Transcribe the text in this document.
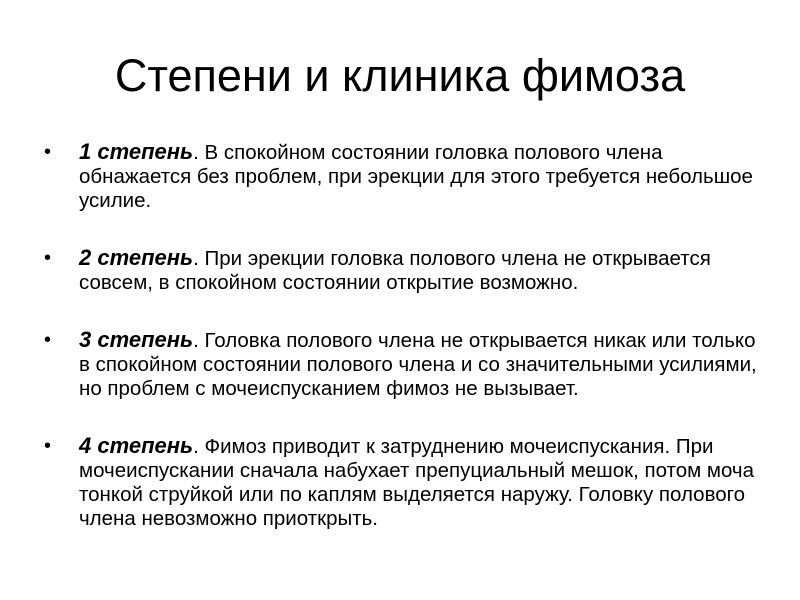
Степени и клиника фимоза
• 1 степень. В спокойном состоянии головка полового члена обнажается без проблем, при эрекции для этого требуется небольшое усилие.
• 2 степень. При эрекции головка полового члена не открывается совсем, в спокойном состоянии открытие возможно.
• 3 степень. Головка полового члена не открывается никак или только в спокойном состоянии полового члена и со значительными усилиями, но проблем с мочеиспусканием фимоз не вызывает.
• 4 степень. Фимоз приводит к затруднению мочеиспускания. При мочеиспускании сначала набухает препуциальный мешок, потом моча тонкой струйкой или по каплям выделяется наружу. Головку полового члена невозможно приоткрыть.
